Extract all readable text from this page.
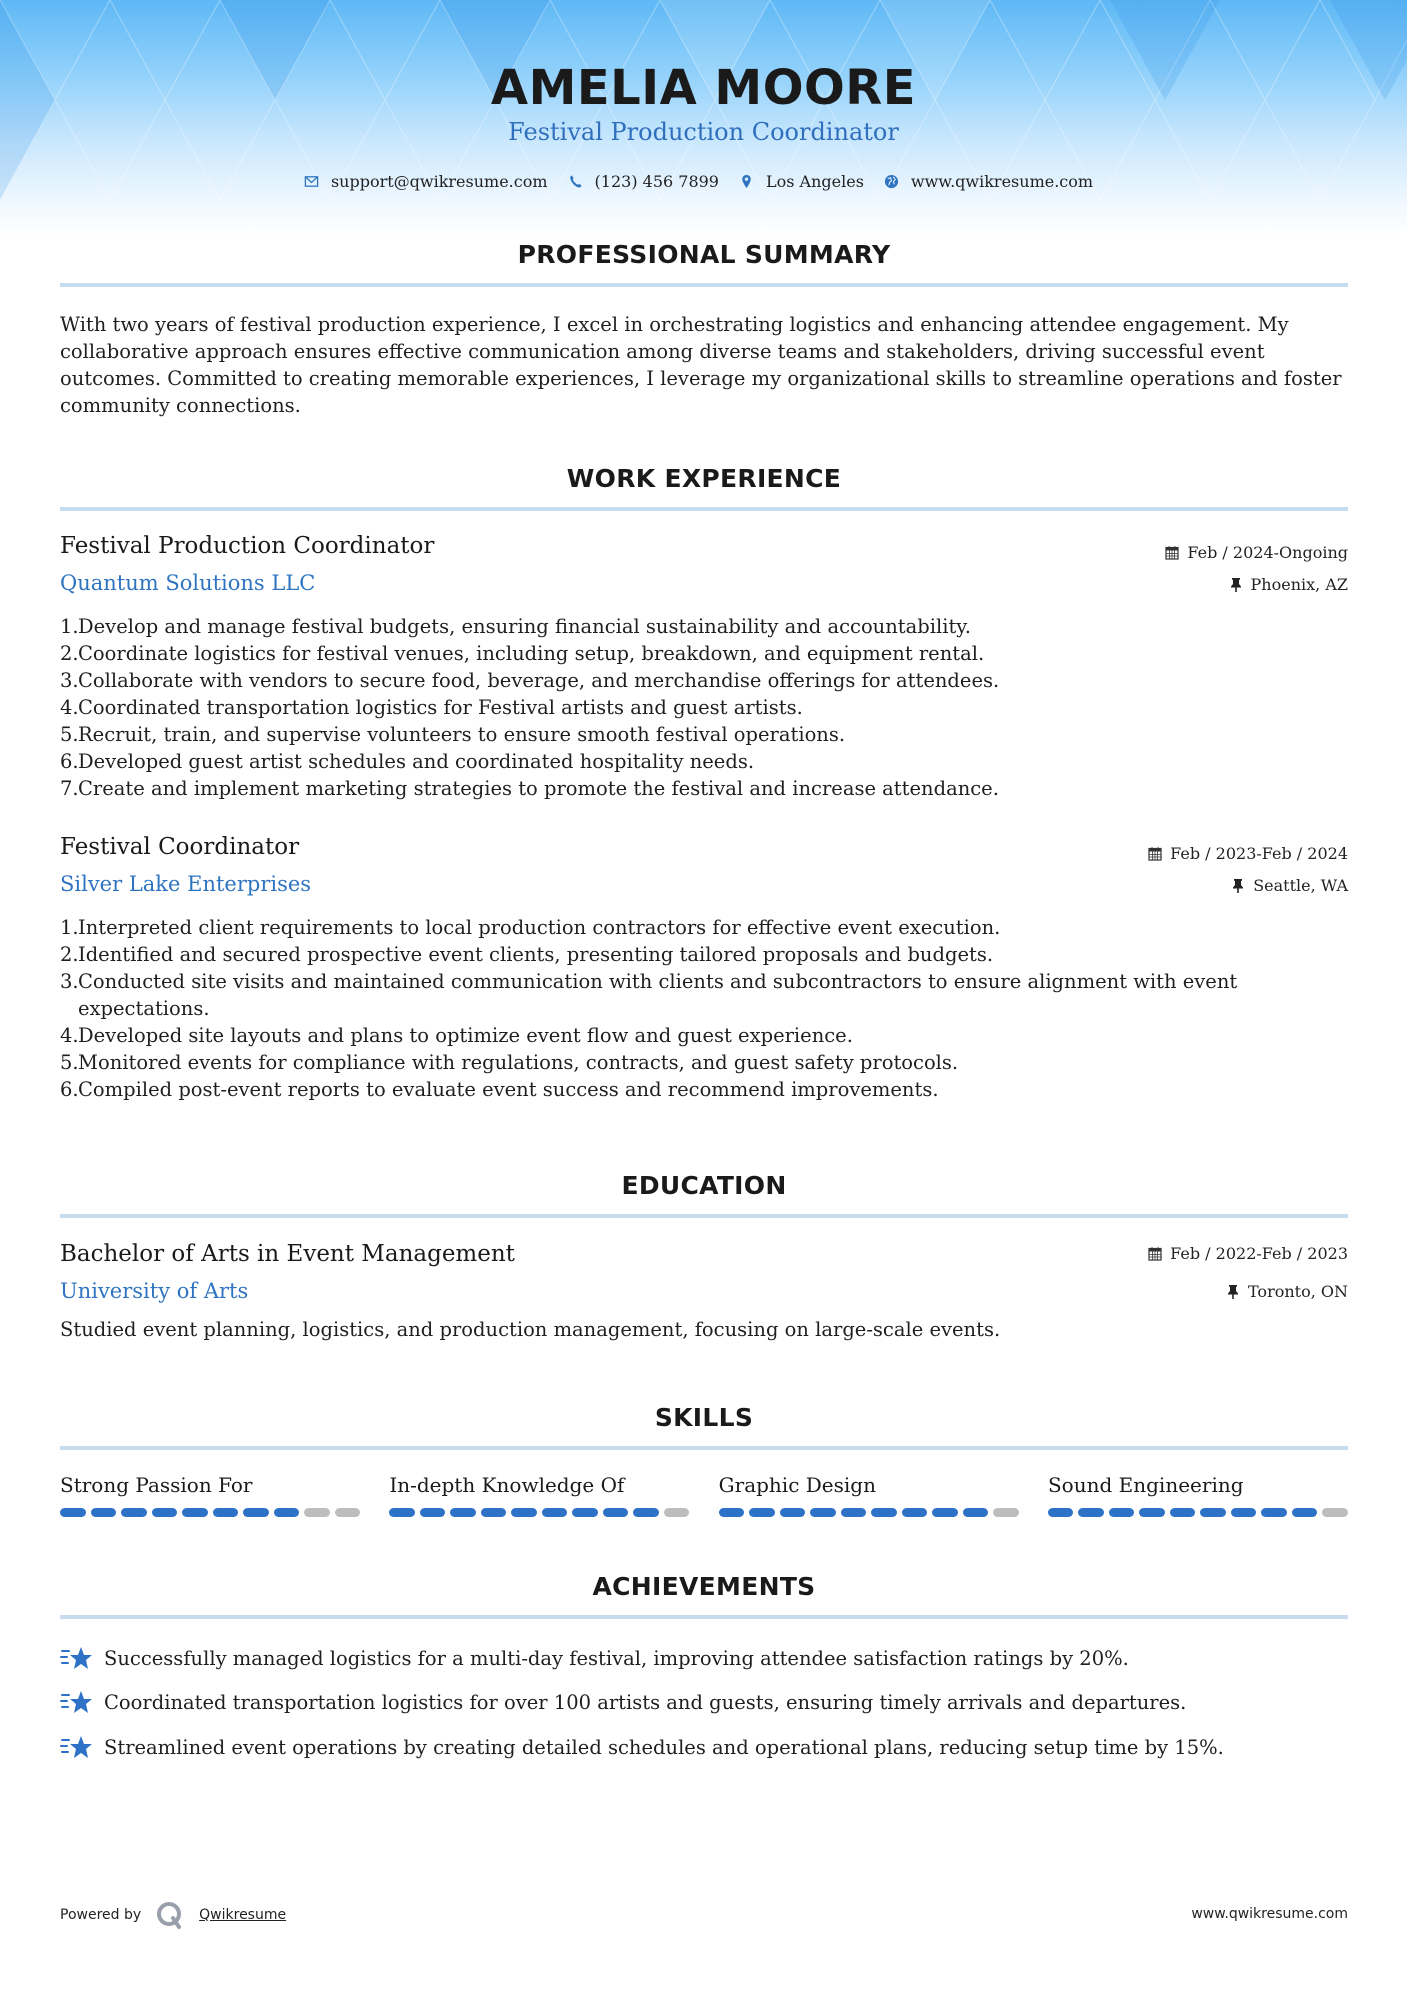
AMELIA MOORE
Festival Production Coordinator
support@qwikresume.com	(123) 456 7899	Los Angeles	www.qwikresume.com
PROFESSIONAL SUMMARY

With two years of festival production experience, I excel in orchestrating logistics and enhancing attendee engagement. My collaborative approach ensures effective communication among diverse teams and stakeholders, driving successful event outcomes. Committed to creating memorable experiences, I leverage my organizational skills to streamline operations and foster community connections.

WORK EXPERIENCE
Festival Production Coordinator	Feb / 2024-Ongoing
Quantum Solutions LLC	Phoenix, AZ
1. Develop and manage festival budgets, ensuring financial sustainability and accountability.
2. Coordinate logistics for festival venues, including setup, breakdown, and equipment rental.
3. Collaborate with vendors to secure food, beverage, and merchandise offerings for attendees.
4. Coordinated transportation logistics for Festival artists and guest artists.
5. Recruit, train, and supervise volunteers to ensure smooth festival operations.
6. Developed guest artist schedules and coordinated hospitality needs.
7. Create and implement marketing strategies to promote the festival and increase attendance.
Festival Coordinator	Feb / 2023-Feb / 2024
Silver Lake Enterprises	Seattle, WA
1. Interpreted client requirements to local production contractors for effective event execution.
2. Identified and secured prospective event clients, presenting tailored proposals and budgets.
3. Conducted site visits and maintained communication with clients and subcontractors to ensure alignment with event expectations.
4. Developed site layouts and plans to optimize event flow and guest experience.
5. Monitored events for compliance with regulations, contracts, and guest safety protocols.
6. Compiled post-event reports to evaluate event success and recommend improvements.
EDUCATION
Bachelor of Arts in Event Management	Feb / 2022-Feb / 2023
University of Arts	Toronto, ON

Studied event planning, logistics, and production management, focusing on large-scale events.

SKILLS
Strong Passion For	In-depth Knowledge Of	Graphic Design	Sound Engineering
ACHIEVEMENTS
Successfully managed logistics for a multi-day festival, improving attendee satisfaction ratings by 20%.
Coordinated transportation logistics for over 100 artists and guests, ensuring timely arrivals and departures.
Streamlined event operations by creating detailed schedules and operational plans, reducing setup time by 15%.
Powered by	Qwikresume	www.qwikresume.com
